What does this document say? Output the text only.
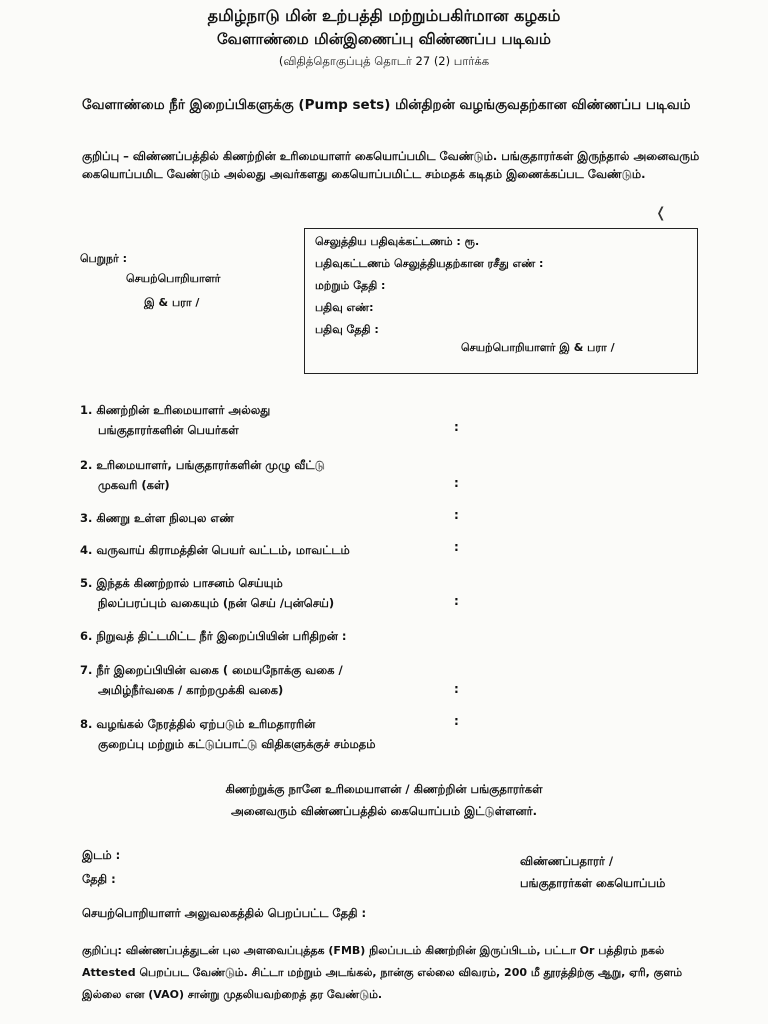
தமிழ்நாடு மின் உற்பத்தி மற்றும்பகிர்மான கழகம்
வேளாண்மை மின்இணைப்பு விண்ணப்ப படிவம்
(விதித்தொகுப்புத் தொடர் 27 (2) பார்க்க
வேளாண்மை நீர் இறைப்பிகளுக்கு (Pump sets) மின்திறன் வழங்குவதற்கான விண்ணப்ப படிவம்
குறிப்பு – விண்ணப்பத்தில் கிணற்றின் உரிமையாளர் கையொப்பமிட வேண்டும். பங்குதாரர்கள் இருந்தால் அனைவரும் கையொப்பமிட வேண்டும் அல்லது அவர்களது கையொப்பமிட்ட சம்மதக் கடிதம் இணைக்கப்பட வேண்டும்.
❬
பெறுநர் :
செயற்பொறியாளர்
இ & பரா /
செலுத்திய பதிவுக்கட்டணம் : ரூ.
பதிவுகட்டணம் செலுத்தியதற்கான ரசீது எண் :
மற்றும் தேதி :
பதிவு எண்:
பதிவு தேதி :
செயற்பொறியாளர் இ & பரா /
1. கிணற்றின் உரிமையாளர் அல்லது
பங்குதாரர்களின் பெயர்கள்	:
2. உரிமையாளர், பங்குதாரர்களின் முழு வீட்டு
முகவரி (கள்)	:
3. கிணறு உள்ள நிலபுல எண்	:
4. வருவாய் கிராமத்தின் பெயர் வட்டம், மாவட்டம்	:
5. இந்தக் கிணற்றால் பாசனம் செய்யும்
நிலப்பரப்பும் வகையும் (நன் செய் /புன்செய்)	:
6. நிறுவத் திட்டமிட்ட நீர் இறைப்பியின் பரிதிறன் :
7. நீர் இறைப்பியின் வகை ( மையநோக்கு வகை /
அமிழ்நீர்வகை / காற்றமுக்கி வகை)	:
8. வழங்கல் நேரத்தில் ஏற்படும் உரிமதாரரின்
குறைப்பு மற்றும் கட்டுப்பாட்டு விதிகளுக்குச் சம்மதம்
:
கிணற்றுக்கு நானே உரிமையாளன் / கிணற்றின் பங்குதாரர்கள்
அனைவரும் விண்ணப்பத்தில் கையொப்பம் இட்டுள்ளனர்.
இடம் :
தேதி :
விண்ணப்பதாரர் /
பங்குதாரர்கள் கையொப்பம்
செயற்பொறியாளர் அலுவலகத்தில் பெறப்பட்ட தேதி :
குறிப்பு: விண்ணப்பத்துடன் புல அளவைப்புத்தக (FMB) நிலப்படம் கிணற்றின் இருப்பிடம், பட்டா Or பத்திரம் நகல் Attested பெறப்பட வேண்டும். சிட்டா மற்றும் அடங்கல், நான்கு எல்லை விவரம், 200 மீ தூரத்திற்கு ஆறு, ஏரி, குளம் இல்லை என (VAO) சான்று முதலியவற்றைத் தர வேண்டும்.
